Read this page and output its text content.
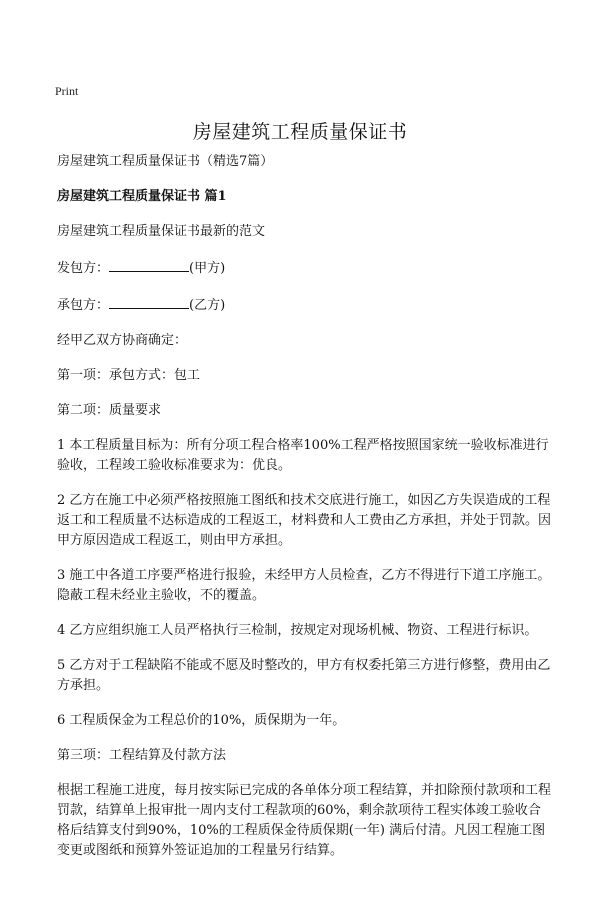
Print
房屋建筑工程质量保证书

房屋建筑工程质量保证书（精选7篇）

房屋建筑工程质量保证书 篇1

房屋建筑工程质量保证书最新的范文

发包方：	(甲方)

承包方：	(乙方)

经甲乙双方协商确定：

第一项：承包方式：包工

第二项：质量要求

1 本工程质量目标为：所有分项工程合格率100%工程严格按照国家统一验收标准进行验收，工程竣工验收标准要求为：优良。

2 乙方在施工中必须严格按照施工图纸和技术交底进行施工，如因乙方失误造成的工程返工和工程质量不达标造成的工程返工，材料费和人工费由乙方承担，并处于罚款。因甲方原因造成工程返工，则由甲方承担。

3 施工中各道工序要严格进行报验，未经甲方人员检查，乙方不得进行下道工序施工。隐蔽工程未经业主验收，不的覆盖。

4 乙方应组织施工人员严格执行三检制，按规定对现场机械、物资、工程进行标识。

5 乙方对于工程缺陷不能或不愿及时整改的，甲方有权委托第三方进行修整，费用由乙方承担。

6 工程质保金为工程总价的10%，质保期为一年。

第三项：工程结算及付款方法

根据工程施工进度，每月按实际已完成的各单体分项工程结算，并扣除预付款项和工程罚款，结算单上报审批一周内支付工程款项的60%，剩余款项待工程实体竣工验收合格后结算支付到90%，10%的工程质保金待质保期(一年) 满后付清。凡因工程施工图变更或图纸和预算外签证追加的工程量另行结算。
